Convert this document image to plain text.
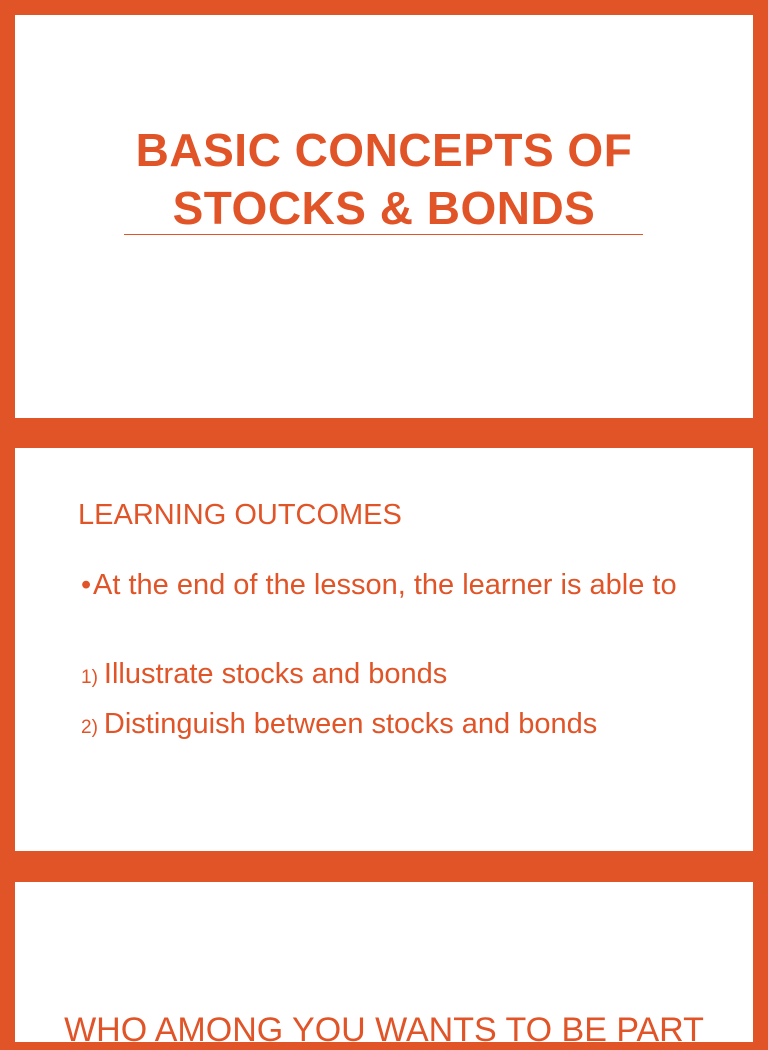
BASIC CONCEPTS OF
STOCKS & BONDS
LEARNING OUTCOMES
• At the end of the lesson, the learner is able to
1) Illustrate stocks and bonds
2) Distinguish between stocks and bonds
WHO AMONG YOU WANTS TO BE PART
